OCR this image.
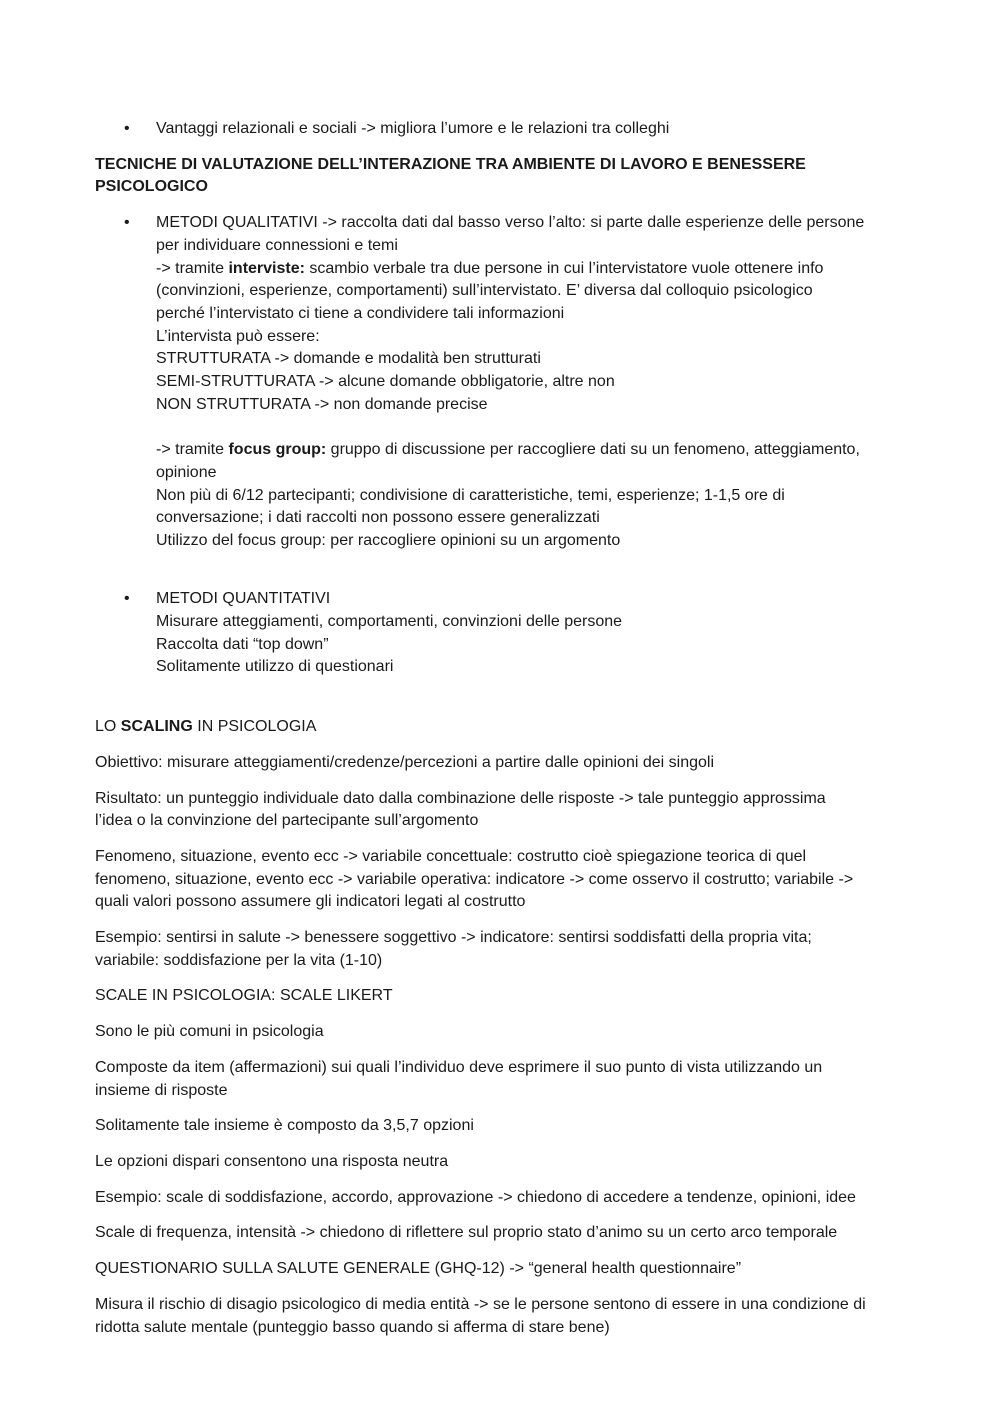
• Vantaggi relazionali e sociali -> migliora l’umore e le relazioni tra colleghi

TECNICHE DI VALUTAZIONE DELL’INTERAZIONE TRA AMBIENTE DI LAVORO E BENESSERE PSICOLOGICO

• METODI QUALITATIVI -> raccolta dati dal basso verso l’alto: si parte dalle esperienze delle persone
per individuare connessioni e temi
-> tramite interviste: scambio verbale tra due persone in cui l’intervistatore vuole ottenere info
(convinzioni, esperienze, comportamenti) sull’intervistato. E’ diversa dal colloquio psicologico
perché l’intervistato ci tiene a condividere tali informazioni
L’intervista può essere:
STRUTTURATA -> domande e modalità ben strutturati
SEMI-STRUTTURATA -> alcune domande obbligatorie, altre non
NON STRUTTURATA -> non domande precise
-> tramite focus group: gruppo di discussione per raccogliere dati su un fenomeno, atteggiamento,
opinione
Non più di 6/12 partecipanti; condivisione di caratteristiche, temi, esperienze; 1-1,5 ore di
conversazione; i dati raccolti non possono essere generalizzati
Utilizzo del focus group: per raccogliere opinioni su un argomento
• METODI QUANTITATIVI
Misurare atteggiamenti, comportamenti, convinzioni delle persone
Raccolta dati “top down”
Solitamente utilizzo di questionari

LO SCALING IN PSICOLOGIA

Obiettivo: misurare atteggiamenti/credenze/percezioni a partire dalle opinioni dei singoli

Risultato: un punteggio individuale dato dalla combinazione delle risposte -> tale punteggio approssima
l’idea o la convinzione del partecipante sull’argomento

Fenomeno, situazione, evento ecc -> variabile concettuale: costrutto cioè spiegazione teorica di quel
fenomeno, situazione, evento ecc -> variabile operativa: indicatore -> come osservo il costrutto; variabile ->
quali valori possono assumere gli indicatori legati al costrutto

Esempio: sentirsi in salute -> benessere soggettivo -> indicatore: sentirsi soddisfatti della propria vita;
variabile: soddisfazione per la vita (1-10)

SCALE IN PSICOLOGIA: SCALE LIKERT

Sono le più comuni in psicologia

Composte da item (affermazioni) sui quali l’individuo deve esprimere il suo punto di vista utilizzando un
insieme di risposte

Solitamente tale insieme è composto da 3,5,7 opzioni

Le opzioni dispari consentono una risposta neutra

Esempio: scale di soddisfazione, accordo, approvazione -> chiedono di accedere a tendenze, opinioni, idee

Scale di frequenza, intensità -> chiedono di riflettere sul proprio stato d’animo su un certo arco temporale

QUESTIONARIO SULLA SALUTE GENERALE (GHQ-12) -> “general health questionnaire”

Misura il rischio di disagio psicologico di media entità -> se le persone sentono di essere in una condizione di
ridotta salute mentale (punteggio basso quando si afferma di stare bene)
